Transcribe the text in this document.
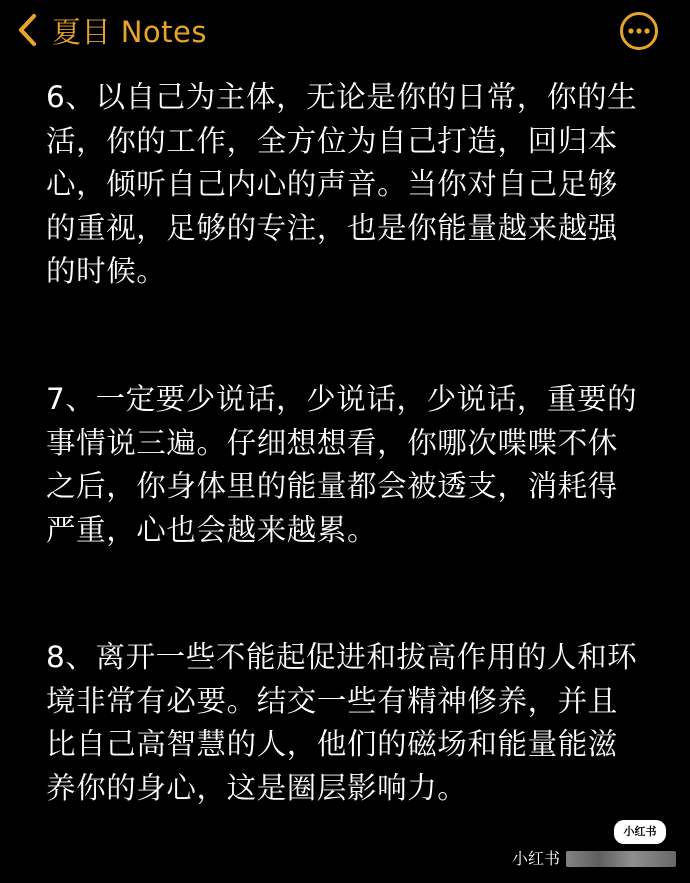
夏目 Notes

6、以自己为主体，无论是你的日常，你的生
活，你的工作，全方位为自己打造，回归本
心，倾听自己内心的声音。当你对自己足够
的重视，足够的专注，也是你能量越来越强
的时候。

7、一定要少说话，少说话，少说话，重要的
事情说三遍。仔细想想看，你哪次喋喋不休
之后，你身体里的能量都会被透支，消耗得
严重，心也会越来越累。

8、离开一些不能起促进和拔高作用的人和环
境非常有必要。结交一些有精神修养，并且
比自己高智慧的人，他们的磁场和能量能滋
养你的身心，这是圈层影响力。

小红书
小红书
